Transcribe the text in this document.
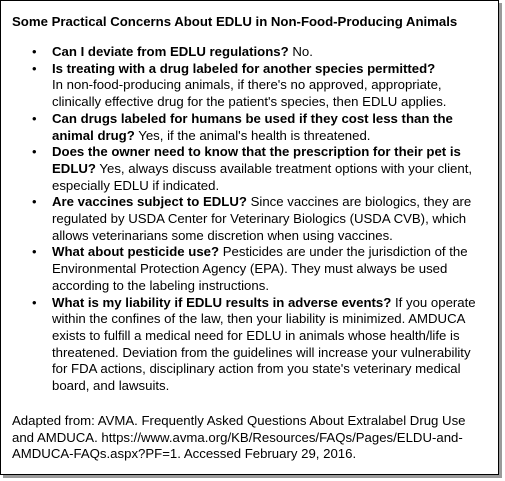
Some Practical Concerns About EDLU in Non-Food-Producing Animals
• Can I deviate from EDLU regulations? No.
• Is treating with a drug labeled for another species permitted?
In non-food-producing animals, if there's no approved, appropriate, clinically effective drug for the patient's species, then EDLU applies.
• Can drugs labeled for humans be used if they cost less than the animal drug? Yes, if the animal's health is threatened.
• Does the owner need to know that the prescription for their pet is EDLU? Yes, always discuss available treatment options with your client, especially EDLU if indicated.
• Are vaccines subject to EDLU? Since vaccines are biologics, they are regulated by USDA Center for Veterinary Biologics (USDA CVB), which allows veterinarians some discretion when using vaccines.
• What about pesticide use? Pesticides are under the jurisdiction of the Environmental Protection Agency (EPA). They must always be used according to the labeling instructions.
• What is my liability if EDLU results in adverse events? If you operate within the confines of the law, then your liability is minimized. AMDUCA exists to fulfill a medical need for EDLU in animals whose health/life is threatened. Deviation from the guidelines will increase your vulnerability for FDA actions, disciplinary action from you state's veterinary medical board, and lawsuits.
Adapted from: AVMA. Frequently Asked Questions About Extralabel Drug Use and AMDUCA. https://www.avma.org/KB/Resources/FAQs/Pages/ELDU-and-AMDUCA-FAQs.aspx?PF=1. Accessed February 29, 2016.
